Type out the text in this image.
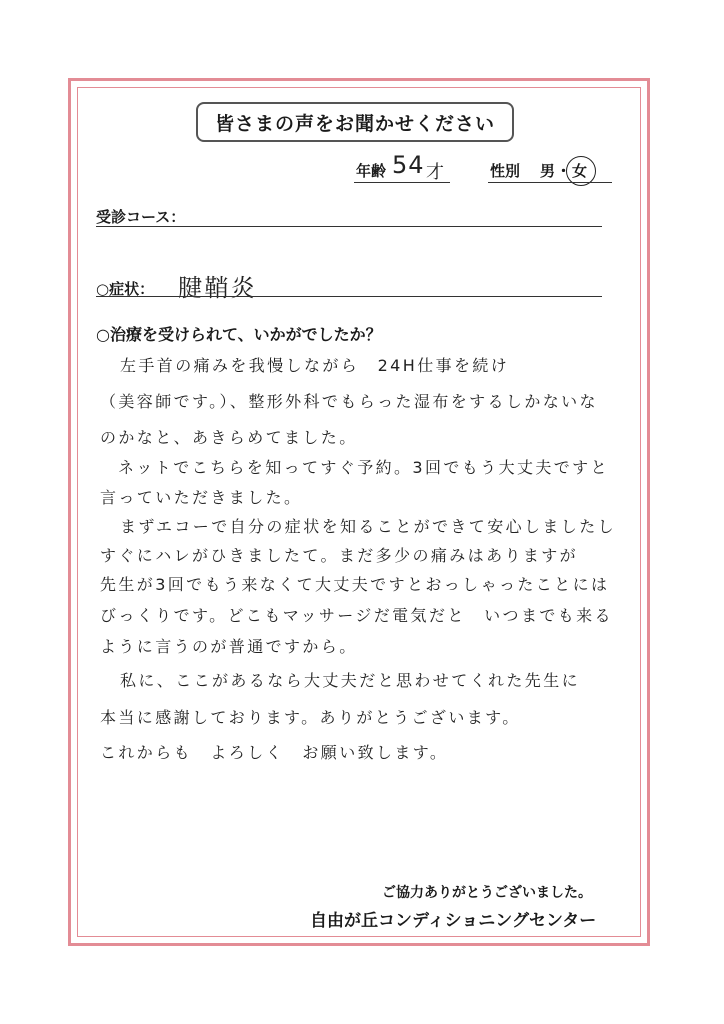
皆さまの声をお聞かせください
年齢 54 才	性別 男 ・ 女
受診コース：
○症状： 腱鞘炎
○治療を受けられて、いかがでしたか？
左手首の痛みを我慢しながら　24H仕事を続け
（美容師です。）、整形外科でもらった湿布をするしかないな
のかなと、あきらめてました。
ネットでこちらを知ってすぐ予約。3回でもう大丈夫ですと
言っていただきました。
まずエコーで自分の症状を知ることができて安心しましたし
すぐにハレがひきましたて。まだ多少の痛みはありますが
先生が3回でもう来なくて大丈夫ですとおっしゃったことには
びっくりです。どこもマッサージだ電気だと　いつまでも来る
ように言うのが普通ですから。
私に、ここがあるなら大丈夫だと思わせてくれた先生に
本当に感謝しております。ありがとうございます。
これからも　よろしく　お願い致します。
ご協力ありがとうございました。
自由が丘コンディショニングセンター
